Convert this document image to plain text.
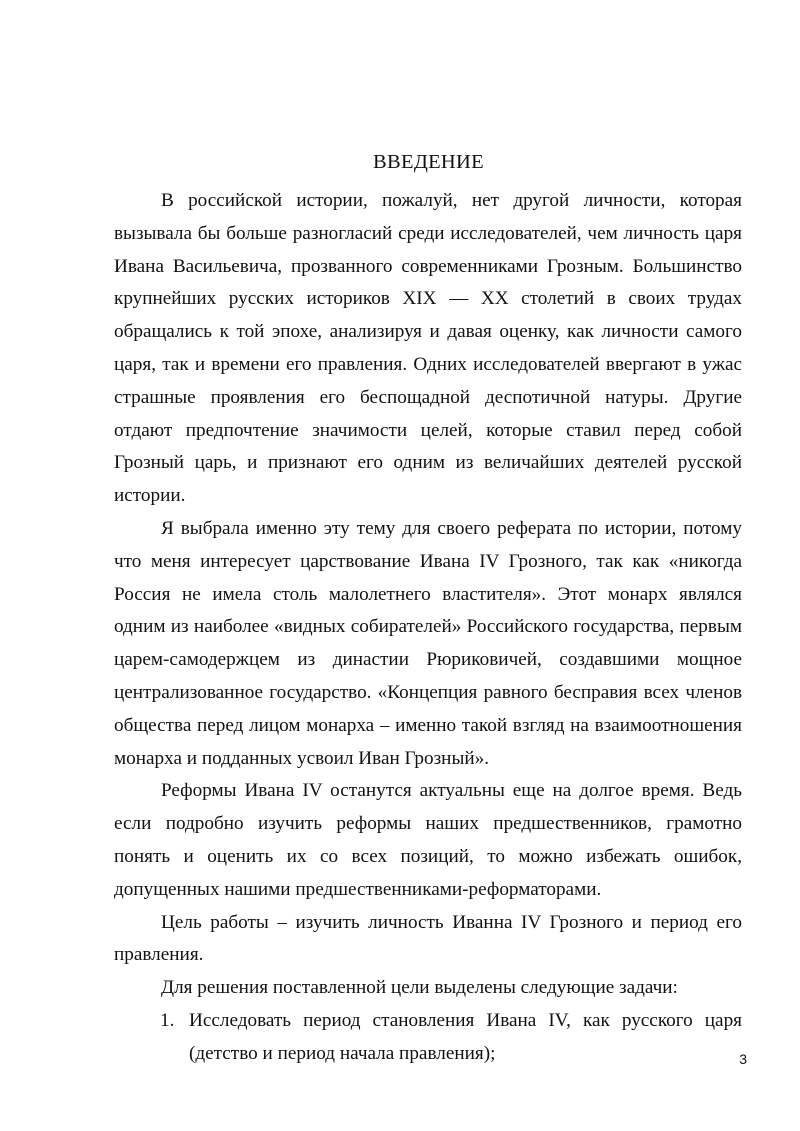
ВВЕДЕНИЕ

В российской истории, пожалуй, нет другой личности, которая вызывала бы больше разногласий среди исследователей, чем личность царя Ивана Васильевича, прозванного современниками Грозным. Большинство крупнейших русских историков XIX — XX столетий в своих трудах обращались к той эпохе, анализируя и давая оценку, как личности самого царя, так и времени его правления. Одних исследователей ввергают в ужас страшные проявления его беспощадной деспотичной натуры. Другие отдают предпочтение значимости целей, которые ставил перед собой Грозный царь, и признают его одним из величайших деятелей русской истории.

Я выбрала именно эту тему для своего реферата по истории, потому что меня интересует царствование Ивана IV Грозного, так как «никогда Россия не имела столь малолетнего властителя». Этот монарх являлся одним из наиболее «видных собирателей» Российского государства, первым царем-самодержцем из династии Рюриковичей, создавшими мощное централизованное государство. «Концепция равного бесправия всех членов общества перед лицом монарха – именно такой взгляд на взаимоотношения монарха и подданных усвоил Иван Грозный».

Реформы Ивана IV останутся актуальны еще на долгое время. Ведь если подробно изучить реформы наших предшественников, грамотно понять и оценить их со всех позиций, то можно избежать ошибок, допущенных нашими предшественниками-реформаторами.

Цель работы – изучить личность Иванна IV Грозного и период его правления.

Для решения поставленной цели выделены следующие задачи:

1. Исследовать период становления Ивана IV, как русского царя (детство и период начала правления);	3
